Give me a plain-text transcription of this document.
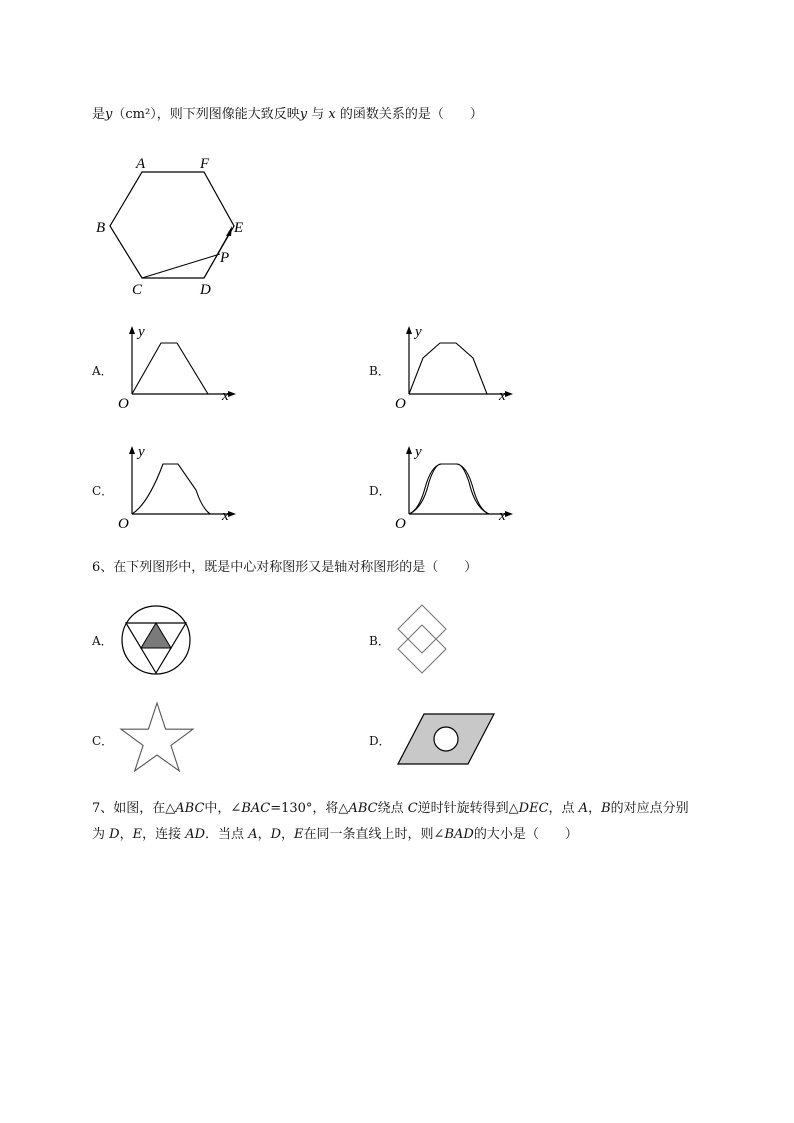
是y（cm²），则下列图像能大致反映y 与 x 的函数关系的是（　　）
A	F
B	E
P
C	D
A．
y
x
O
B．
y
x
O
C．
y
x
O
D．
y
x
O
6、在下列图形中，既是中心对称图形又是轴对称图形的是（　　）
A．	B．
C．	D．
7、如图，在△ABC中，∠BAC=130°，将△ABC绕点 C逆时针旋转得到△DEC，点 A，B的对应点分别
为 D，E，连接 AD．当点 A，D，E在同一条直线上时，则∠BAD的大小是（　　）
